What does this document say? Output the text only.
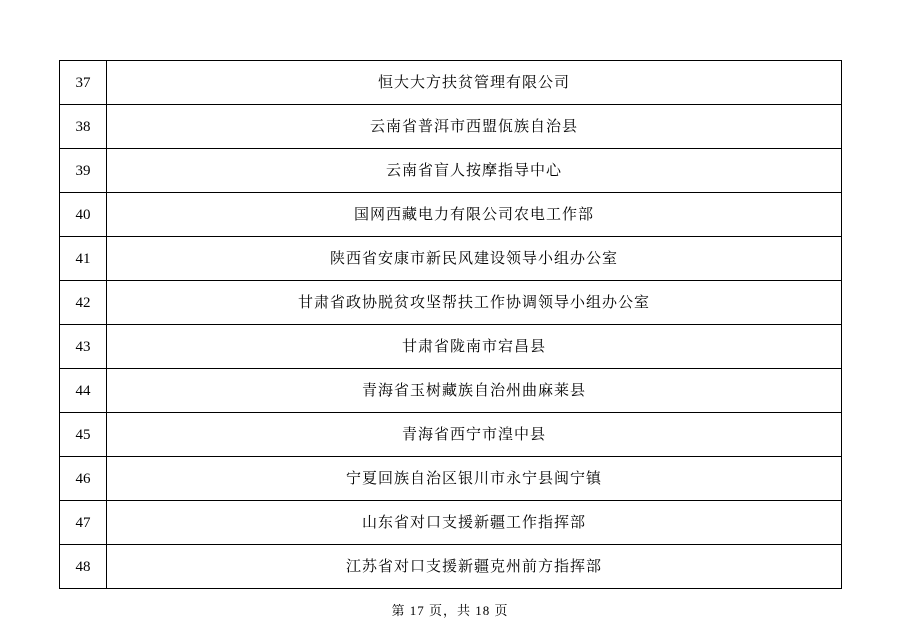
37	恒大大方扶贫管理有限公司
38	云南省普洱市西盟佤族自治县
39	云南省盲人按摩指导中心
40	国网西藏电力有限公司农电工作部
41	陕西省安康市新民风建设领导小组办公室
42	甘肃省政协脱贫攻坚帮扶工作协调领导小组办公室
43	甘肃省陇南市宕昌县
44	青海省玉树藏族自治州曲麻莱县
45	青海省西宁市湟中县
46	宁夏回族自治区银川市永宁县闽宁镇
47	山东省对口支援新疆工作指挥部
48	江苏省对口支援新疆克州前方指挥部
第 17 页，共 18 页
